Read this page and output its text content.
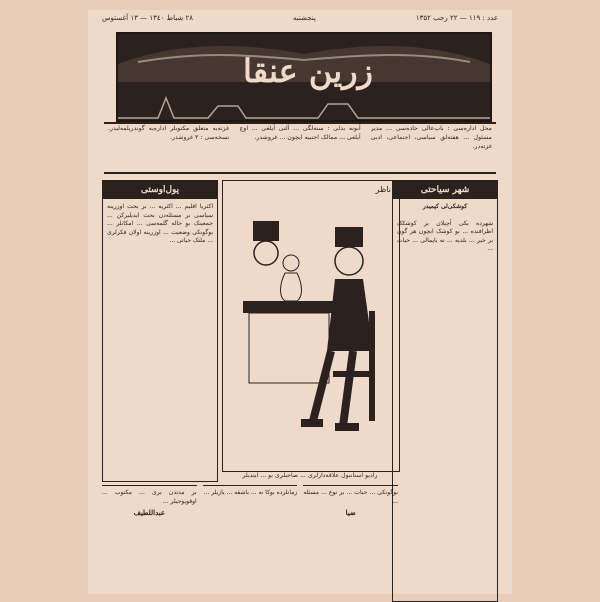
عدد : ۱۱۹ — ۲۲ رجب ۱۳۵۲
پنجشنبه
۲۸ شباط ۱۳٤۰ — ۱۳ آغستوس
زرین عنقا
محل اداره‌سی : باب‌عالی جاده‌سی ... مدیر مسئول ... هفته‌لق سیاسی، اجتماعی، ادبی غزته‌در.
آبونه بدلی : سنه‌لگی ... آلتی آیلغی ... اوچ آیلغی ... ممالک اجنبیه ایچون ... غروشدر.
غزته‌یه متعلق مکتوبلر اداره‌یه گوندریلمه‌لیدر. نسخه‌سی : ۳ غروشدر.
یول‌اوستی
اکثریا اقلیم ... اکثریه ... بر بحث اوزرینه سیاسی بر مسئله‌دن بحث ایدیلیرکن ... جمعیتک بو حاله گلمه‌سی ... امکانلر ... بوگونکی وضعیت ... اوزرینه اولان فکرلری ... ملتک حیاتی ...
ناظر
رادیو استانبول علاقه‌دارلری ... صاحبلری بو ... ایتدیلر
شهر سیاحتی
کوشکی‌لی کیمیدر
شهرده یکی آچیلان بر کوشکک اطرافنده ... بو کوشک ایچون هر گون بر خبر ... بلدیه ... نه یاپمالی ... حیات ...
بوگونکی ... حیات ... بر نوع ... مسئله ...
ضیا
زمانلرده بوکا نه ... باشقه ... یازیلر ...
بر مدتدن بری ... مکتوب ... اوقویوجیلر ...
عبداللطیف
